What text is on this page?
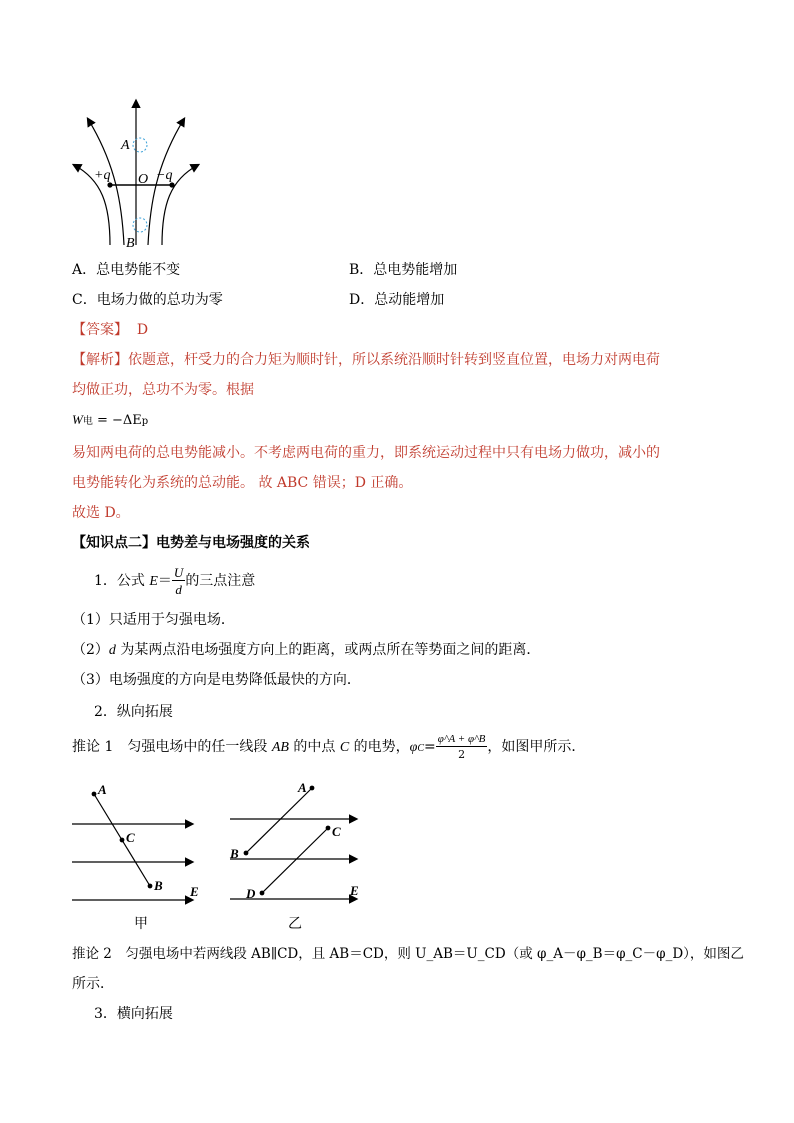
A
B
O
+q	−q
A．总电势能不变	B．总电势能增加
C．电场力做的总功为零	D．总动能增加
【答案】 D
【解析】依题意，杆受力的合力矩为顺时针，所以系统沿顺时针转到竖直位置，电场力对两电荷
均做正功，总功不为零。根据
W电 = −ΔEp
易知两电荷的总电势能减小。不考虑两电荷的重力，即系统运动过程中只有电场力做功，减小的
电势能转化为系统的总动能。 故 ABC 错误；D 正确。
故选 D。
【知识点二】电势差与电场强度的关系
1．公式 $E= \frac{U}{d}$ 的三点注意
（1）只适用于匀强电场．
（2）d 为某两点沿电场强度方向上的距离，或两点所在等势面之间的距离．
（3）电场强度的方向是电势降低最快的方向．
2．纵向拓展
推论 1　匀强电场中的任一线段 AB 的中点 C 的电势，$\varphi C= \frac{\varphi\^{}A + \varphi\^{}B}{2}$ ，如图甲所示．
A
C
B E
甲
A
B
C
D	E
乙
推论 2　匀强电场中若两线段 AB∥CD，且 AB＝CD，则 U_AB＝U_CD（或 φ_A－φ_B＝φ_C－φ_D），如图乙
所示．
3．横向拓展
